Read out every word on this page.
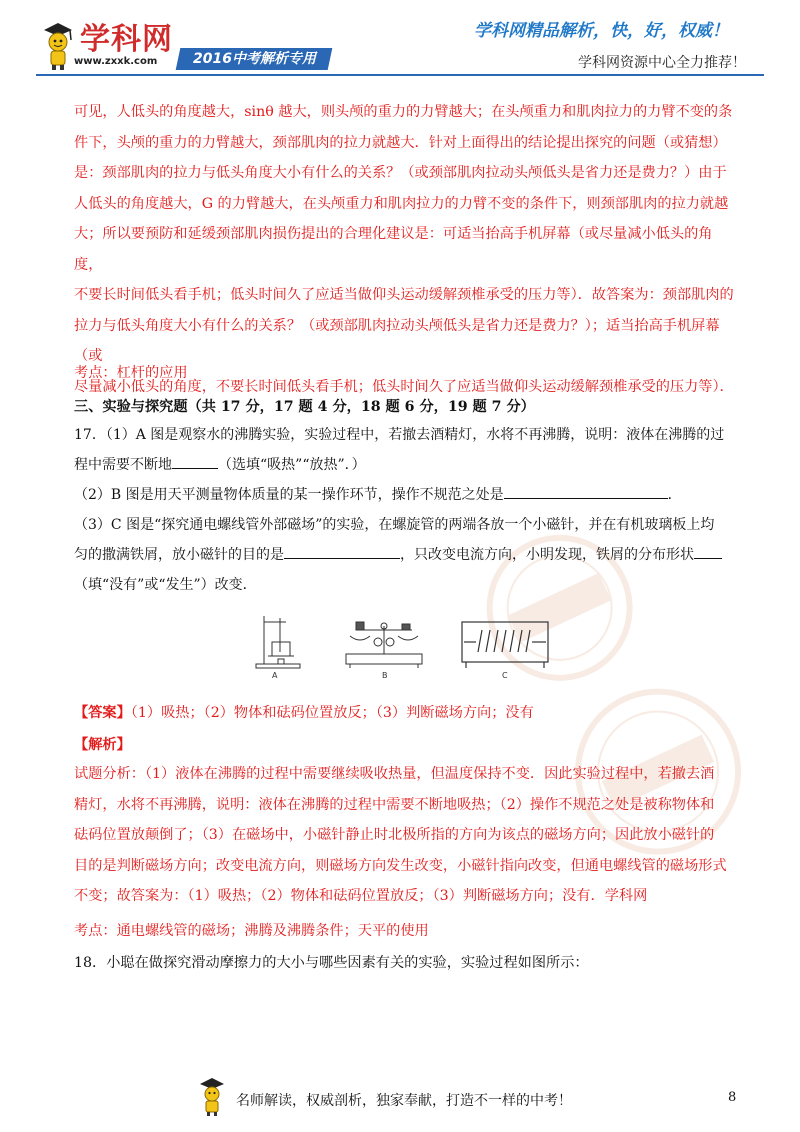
学科网
www.zxxk.com	2016中考解析专用
学科网精品解析，快，好，权威！
学科网资源中心全力推荐！
可见，人低头的角度越大，sinθ 越大，则头颅的重力的力臂越大；在头颅重力和肌肉拉力的力臂不变的条
件下，头颅的重力的力臂越大，颈部肌肉的拉力就越大．针对上面得出的结论提出探究的问题（或猜想）
是：颈部肌肉的拉力与低头角度大小有什么的关系？（或颈部肌肉拉动头颅低头是省力还是费力？）由于
人低头的角度越大，G 的力臂越大，在头颅重力和肌肉拉力的力臂不变的条件下，则颈部肌肉的拉力就越
大；所以要预防和延缓颈部肌肉损伤提出的合理化建议是：可适当抬高手机屏幕（或尽量减小低头的角度，
不要长时间低头看手机；低头时间久了应适当做仰头运动缓解颈椎承受的压力等）．故答案为：颈部肌肉的
拉力与低头角度大小有什么的关系？（或颈部肌肉拉动头颅低头是省力还是费力？）；适当抬高手机屏幕（或
尽量减小低头的角度，不要长时间低头看手机；低头时间久了应适当做仰头运动缓解颈椎承受的压力等）．
考点：杠杆的应用
三、实验与探究题（共 17 分，17 题 4 分，18 题 6 分，19 题 7 分）
17．（1）A 图是观察水的沸腾实验，实验过程中，若撤去酒精灯，水将不再沸腾，说明：液体在沸腾的过
程中需要不断地	（选填“吸热”“放热”．）
（2）B 图是用天平测量物体质量的某一操作环节，操作不规范之处是	．
（3）C 图是“探究通电螺线管外部磁场”的实验，在螺旋管的两端各放一个小磁针，并在有机玻璃板上均
匀的撒满铁屑，放小磁针的目的是	，只改变电流方向，小明发现，铁屑的分布形状
（填“没有”或“发生”）改变．
A	B	C
【答案】（1）吸热；（2）物体和砝码位置放反；（3）判断磁场方向；没有
【解析】
试题分析：（1）液体在沸腾的过程中需要继续吸收热量，但温度保持不变．因此实验过程中，若撤去酒
精灯，水将不再沸腾，说明：液体在沸腾的过程中需要不断地吸热；（2）操作不规范之处是被称物体和
砝码位置放颠倒了；（3）在磁场中，小磁针静止时北极所指的方向为该点的磁场方向；因此放小磁针的
目的是判断磁场方向；改变电流方向，则磁场方向发生改变，小磁针指向改变，但通电螺线管的磁场形式
不变；故答案为：（1）吸热；（2）物体和砝码位置放反；（3）判断磁场方向；没有．学科网
考点：通电螺线管的磁场；沸腾及沸腾条件；天平的使用
18．小聪在做探究滑动摩擦力的大小与哪些因素有关的实验，实验过程如图所示：
名师解读，权威剖析，独家奉献，打造不一样的中考！	8
